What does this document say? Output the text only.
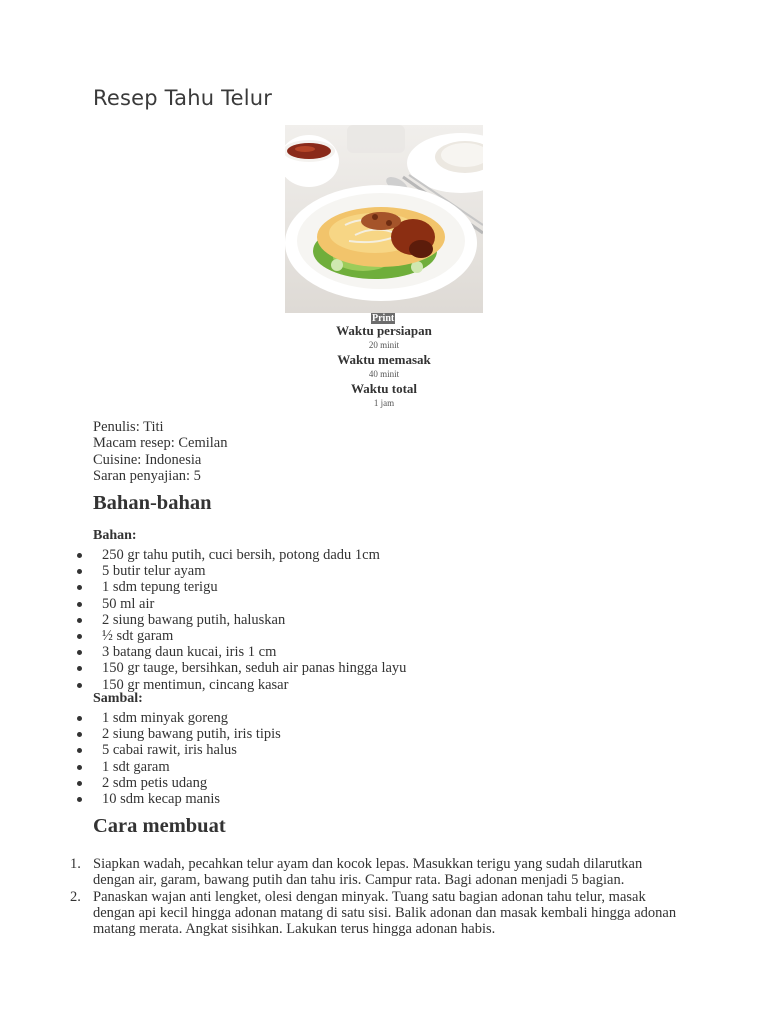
Resep Tahu Telur
Print
Waktu persiapan
20 minit
Waktu memasak
40 minit
Waktu total
1 jam
Penulis: Titi
Macam resep: Cemilan
Cuisine: Indonesia
Saran penyajian: 5
Bahan-bahan
Bahan:
250 gr tahu putih, cuci bersih, potong dadu 1cm
5 butir telur ayam
1 sdm tepung terigu
50 ml air
2 siung bawang putih, haluskan
½ sdt garam
3 batang daun kucai, iris 1 cm
150 gr tauge, bersihkan, seduh air panas hingga layu
150 gr mentimun, cincang kasar
Sambal:
1 sdm minyak goreng
2 siung bawang putih, iris tipis
5 cabai rawit, iris halus
1 sdt garam
2 sdm petis udang
10 sdm kecap manis
Cara membuat
1. Siapkan wadah, pecahkan telur ayam dan kocok lepas. Masukkan terigu yang sudah dilarutkan dengan air, garam, bawang putih dan tahu iris. Campur rata. Bagi adonan menjadi 5 bagian.
2. Panaskan wajan anti lengket, olesi dengan minyak. Tuang satu bagian adonan tahu telur, masak dengan api kecil hingga adonan matang di satu sisi. Balik adonan dan masak kembali hingga adonan matang merata. Angkat sisihkan. Lakukan terus hingga adonan habis.
